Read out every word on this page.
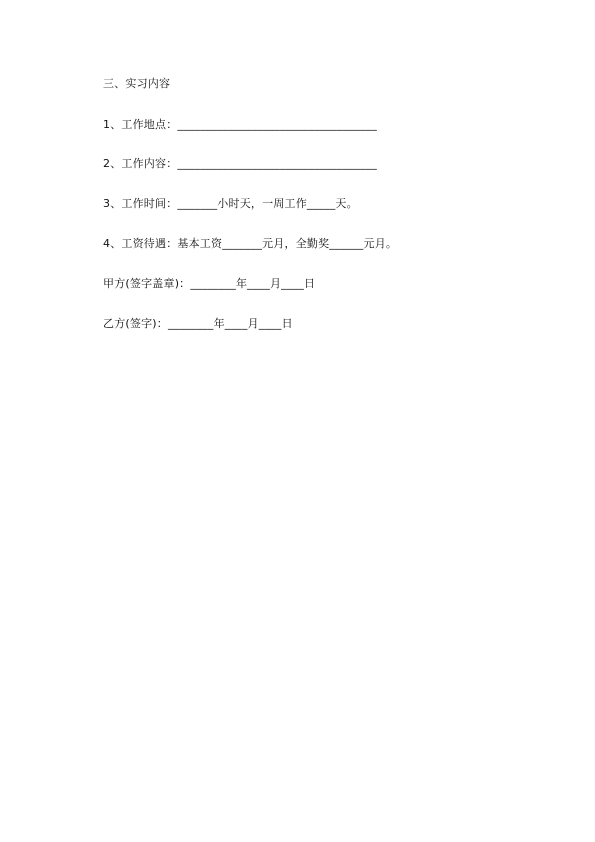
三、实习内容
1、工作地点：___________________________________
2、工作内容：___________________________________
3、工作时间：_______小时天，一周工作_____天。
4、工资待遇：基本工资_______元月，全勤奖______元月。
甲方(签字盖章)：________年____月____日
乙方(签字)：________年____月____日
